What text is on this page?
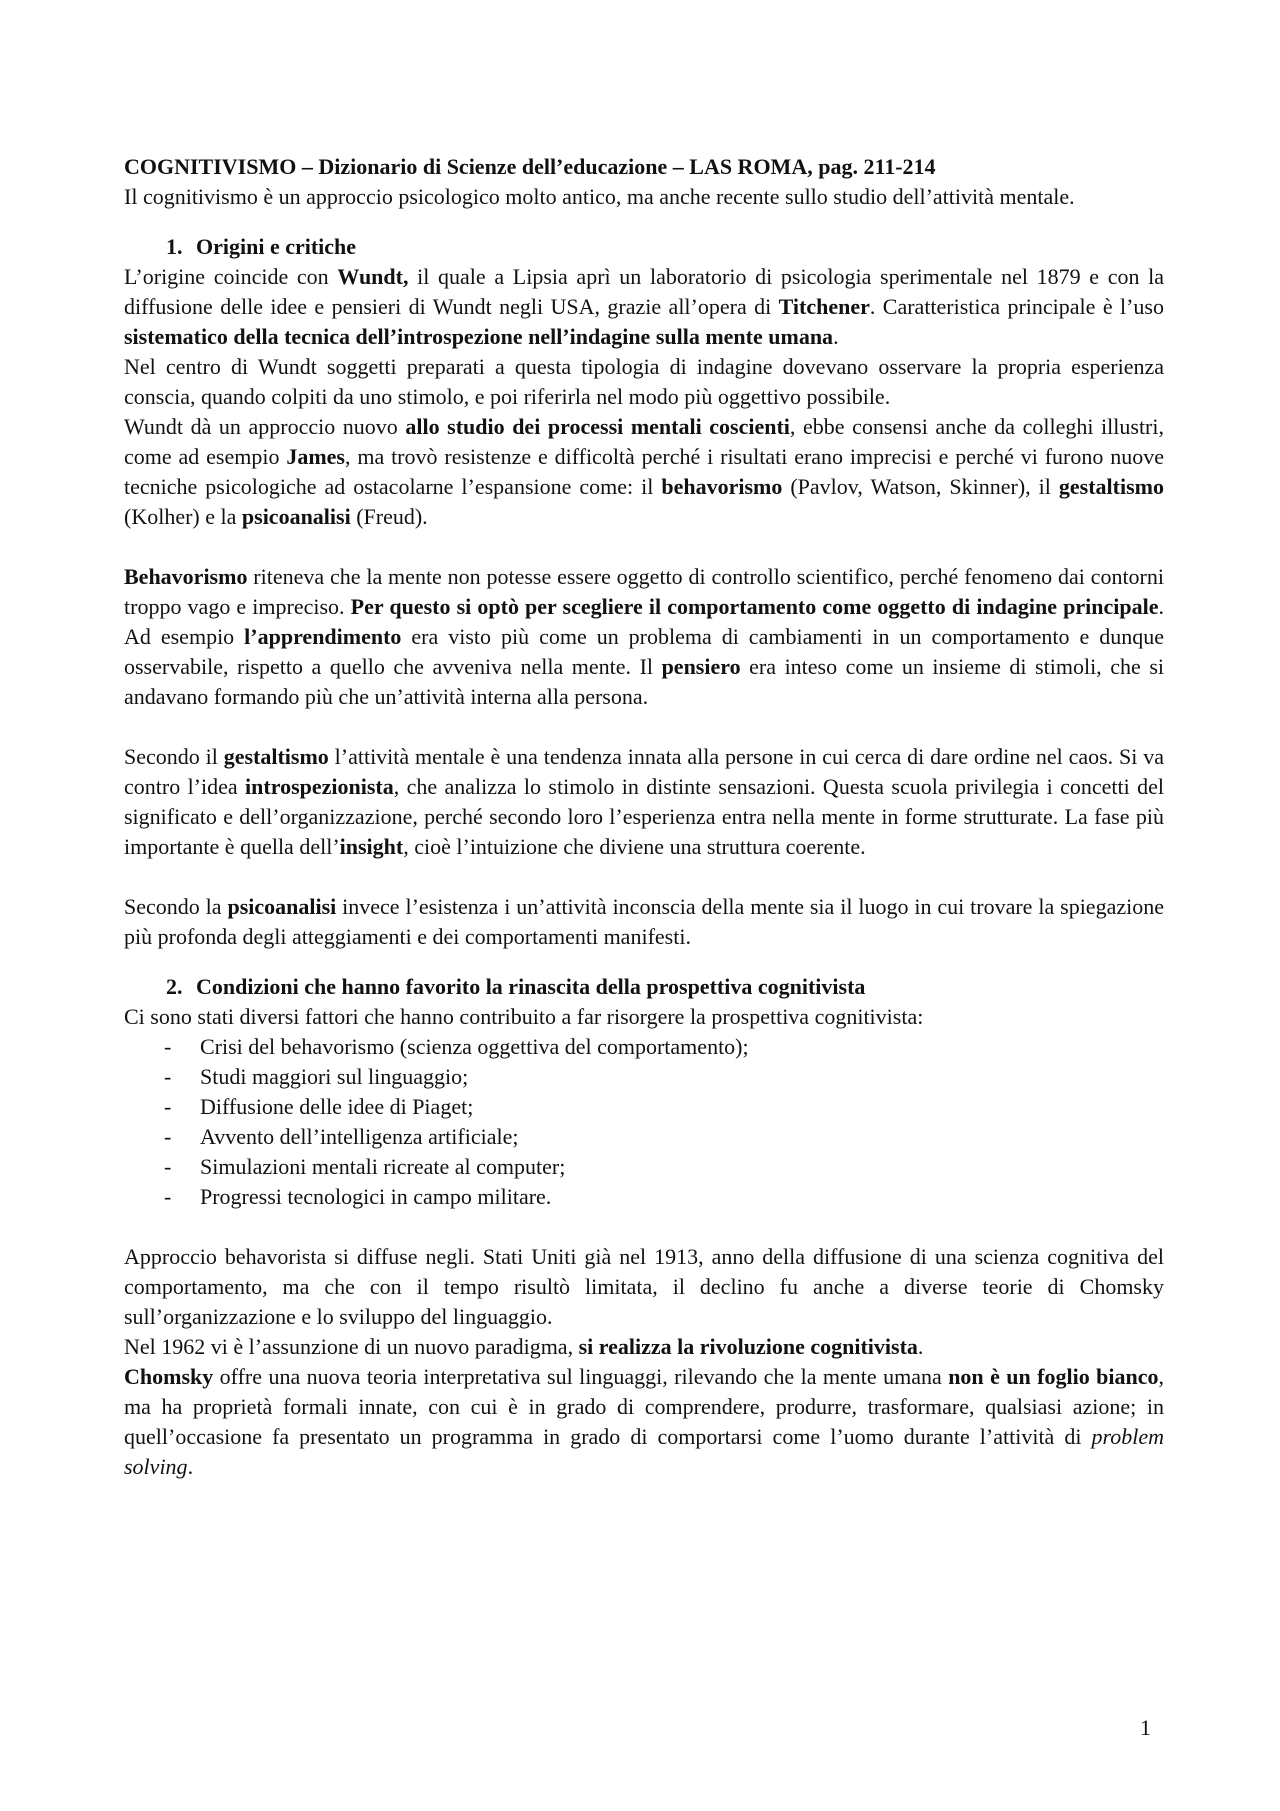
COGNITIVISMO – Dizionario di Scienze dell’educazione – LAS ROMA, pag. 211-214

Il cognitivismo è un approccio psicologico molto antico, ma anche recente sullo studio dell’attività mentale.

1. Origini e critiche

L’origine coincide con Wundt, il quale a Lipsia aprì un laboratorio di psicologia sperimentale nel 1879 e con la diffusione delle idee e pensieri di Wundt negli USA, grazie all’opera di Titchener. Caratteristica principale è l’uso sistematico della tecnica dell’introspezione nell’indagine sulla mente umana.

Nel centro di Wundt soggetti preparati a questa tipologia di indagine dovevano osservare la propria esperienza conscia, quando colpiti da uno stimolo, e poi riferirla nel modo più oggettivo possibile.

Wundt dà un approccio nuovo allo studio dei processi mentali coscienti, ebbe consensi anche da colleghi illustri, come ad esempio James, ma trovò resistenze e difficoltà perché i risultati erano imprecisi e perché vi furono nuove tecniche psicologiche ad ostacolarne l’espansione come: il behavorismo (Pavlov, Watson, Skinner), il gestaltismo (Kolher) e la psicoanalisi (Freud).

Behavorismo riteneva che la mente non potesse essere oggetto di controllo scientifico, perché fenomeno dai contorni troppo vago e impreciso. Per questo si optò per scegliere il comportamento come oggetto di indagine principale. Ad esempio l’apprendimento era visto più come un problema di cambiamenti in un comportamento e dunque osservabile, rispetto a quello che avveniva nella mente. Il pensiero era inteso come un insieme di stimoli, che si andavano formando più che un’attività interna alla persona.

Secondo il gestaltismo l’attività mentale è una tendenza innata alla persone in cui cerca di dare ordine nel caos. Si va contro l’idea introspezionista, che analizza lo stimolo in distinte sensazioni. Questa scuola privilegia i concetti del significato e dell’organizzazione, perché secondo loro l’esperienza entra nella mente in forme strutturate. La fase più importante è quella dell’insight, cioè l’intuizione che diviene una struttura coerente.

Secondo la psicoanalisi invece l’esistenza i un’attività inconscia della mente sia il luogo in cui trovare la spiegazione più profonda degli atteggiamenti e dei comportamenti manifesti.

2. Condizioni che hanno favorito la rinascita della prospettiva cognitivista

Ci sono stati diversi fattori che hanno contribuito a far risorgere la prospettiva cognitivista:

- Crisi del behavorismo (scienza oggettiva del comportamento);
- Studi maggiori sul linguaggio;
- Diffusione delle idee di Piaget;
- Avvento dell’intelligenza artificiale;
- Simulazioni mentali ricreate al computer;
- Progressi tecnologici in campo militare.

Approccio behavorista si diffuse negli. Stati Uniti già nel 1913, anno della diffusione di una scienza cognitiva del comportamento, ma che con il tempo risultò limitata, il declino fu anche a diverse teorie di Chomsky sull’organizzazione e lo sviluppo del linguaggio.

Nel 1962 vi è l’assunzione di un nuovo paradigma, si realizza la rivoluzione cognitivista.

Chomsky offre una nuova teoria interpretativa sul linguaggi, rilevando che la mente umana non è un foglio bianco, ma ha proprietà formali innate, con cui è in grado di comprendere, produrre, trasformare, qualsiasi azione; in quell’occasione fa presentato un programma in grado di comportarsi come l’uomo durante l’attività di problem solving.

1
